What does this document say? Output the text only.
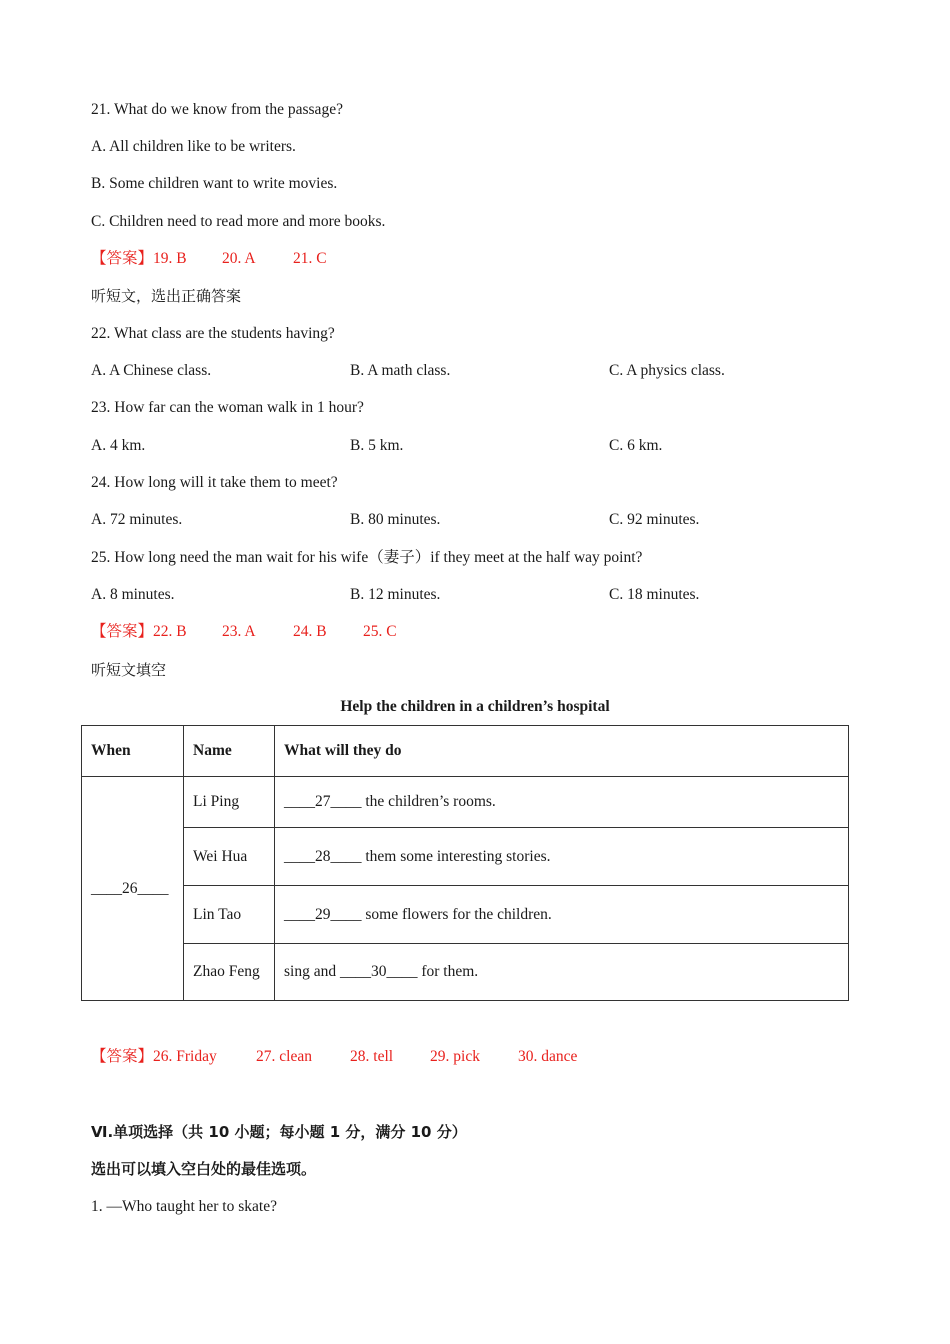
21. What do we know from the passage?
A. All children like to be writers.
B. Some children want to write movies.
C. Children need to read more and more books.
【答案】19. B 20. A 21. C
听短文，选出正确答案
22. What class are the students having?
A. A Chinese class.	B. A math class.	C. A physics class.
23. How far can the woman walk in 1 hour?
A. 4 km.	B. 5 km.	C. 6 km.
24. How long will it take them to meet?
A. 72 minutes.	B. 80 minutes.	C. 92 minutes.
25. How long need the man wait for his wife（妻子）if they meet at the half way point?
A. 8 minutes.	B. 12 minutes.	C. 18 minutes.
【答案】22. B 23. A 24. B 25. C
听短文填空
Help the children in a children’s hospital
When	Name	What will they do
____26____	Li Ping	____27____ the children’s rooms.
	Wei Hua	____28____ them some interesting stories.
	Lin Tao	____29____ some flowers for the children.
	Zhao Feng	sing and ____30____ for them.
【答案】26. Friday	27. clean 28. tell 29. pick 30. dance
Ⅵ.单项选择（共 10 小题；每小题 1 分，满分 10 分）
选出可以填入空白处的最佳选项。
1. —Who taught her to skate?
